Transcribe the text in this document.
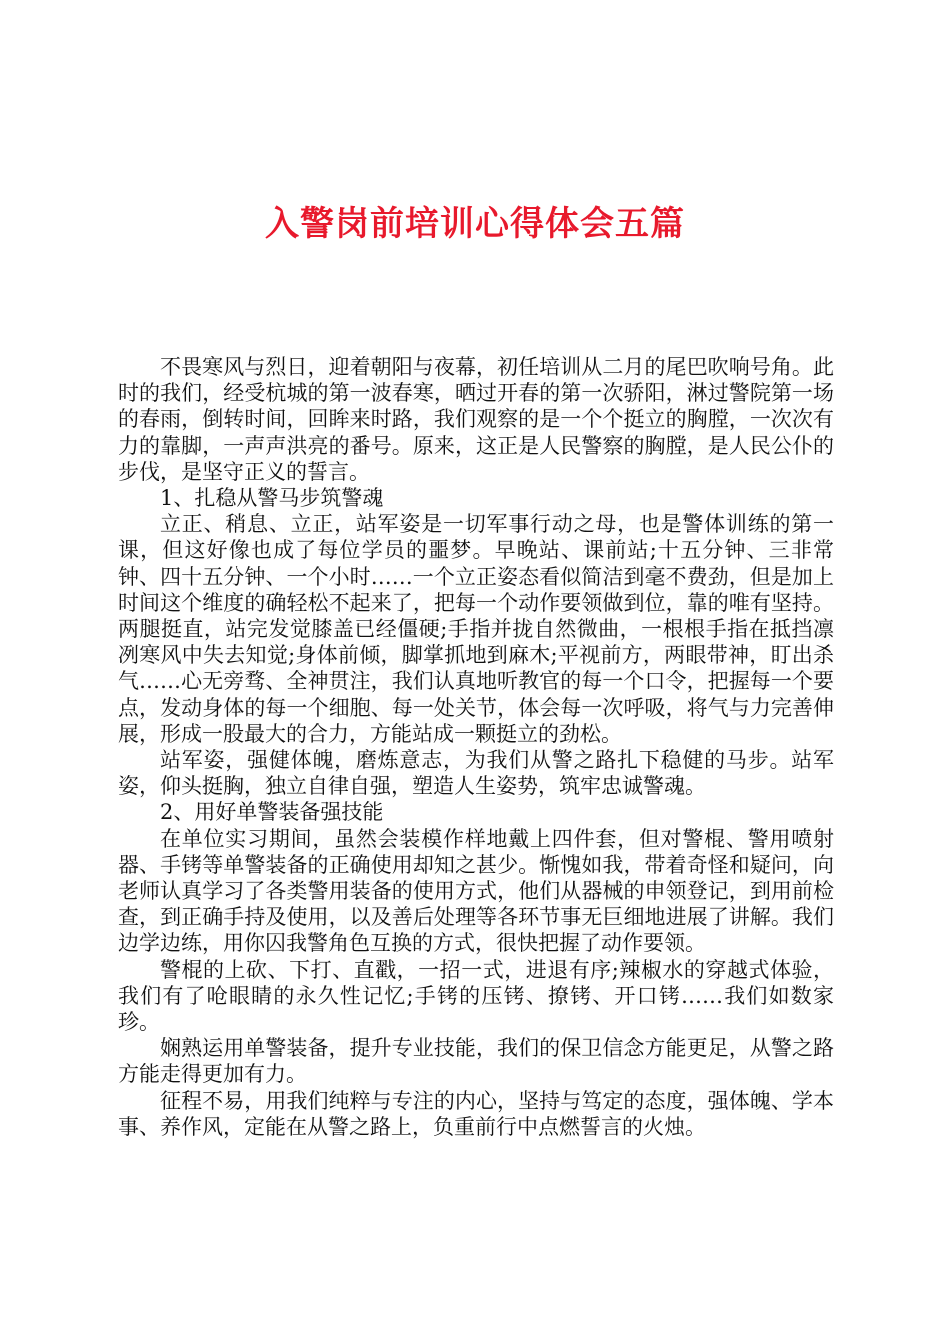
入警岗前培训心得体会五篇

不畏寒风与烈日，迎着朝阳与夜幕，初任培训从二月的尾巴吹响号角。此时的我们，经受杭城的第一波春寒，晒过开春的第一次骄阳，淋过警院第一场的春雨，倒转时间，回眸来时路，我们观察的是一个个挺立的胸膛，一次次有力的靠脚，一声声洪亮的番号。原来，这正是人民警察的胸膛，是人民公仆的步伐，是坚守正义的誓言。

1、扎稳从警马步筑警魂

立正、稍息、立正，站军姿是一切军事行动之母，也是警体训练的第一课，但这好像也成了每位学员的噩梦。早晚站、课前站;十五分钟、三非常钟、四十五分钟、一个小时……一个立正姿态看似简洁到毫不费劲，但是加上时间这个维度的确轻松不起来了，把每一个动作要领做到位，靠的唯有坚持。两腿挺直，站完发觉膝盖已经僵硬;手指并拢自然微曲，一根根手指在抵挡凛冽寒风中失去知觉;身体前倾，脚掌抓地到麻木;平视前方，两眼带神，盯出杀气……心无旁骛、全神贯注，我们认真地听教官的每一个口令，把握每一个要点，发动身体的每一个细胞、每一处关节，体会每一次呼吸，将气与力完善伸展，形成一股最大的合力，方能站成一颗挺立的劲松。

站军姿，强健体魄，磨炼意志，为我们从警之路扎下稳健的马步。站军姿，仰头挺胸，独立自律自强，塑造人生姿势，筑牢忠诚警魂。

2、用好单警装备强技能

在单位实习期间，虽然会装模作样地戴上四件套，但对警棍、警用喷射器、手铐等单警装备的正确使用却知之甚少。惭愧如我，带着奇怪和疑问，向老师认真学习了各类警用装备的使用方式，他们从器械的申领登记，到用前检查，到正确手持及使用，以及善后处理等各环节事无巨细地进展了讲解。我们边学边练，用你囚我警角色互换的方式，很快把握了动作要领。

警棍的上砍、下打、直戳，一招一式，进退有序;辣椒水的穿越式体验，我们有了呛眼睛的永久性记忆;手铐的压铐、撩铐、开口铐……我们如数家珍。

娴熟运用单警装备，提升专业技能，我们的保卫信念方能更足，从警之路方能走得更加有力。

征程不易，用我们纯粹与专注的内心，坚持与笃定的态度，强体魄、学本事、养作风，定能在从警之路上，负重前行中点燃誓言的火烛。
